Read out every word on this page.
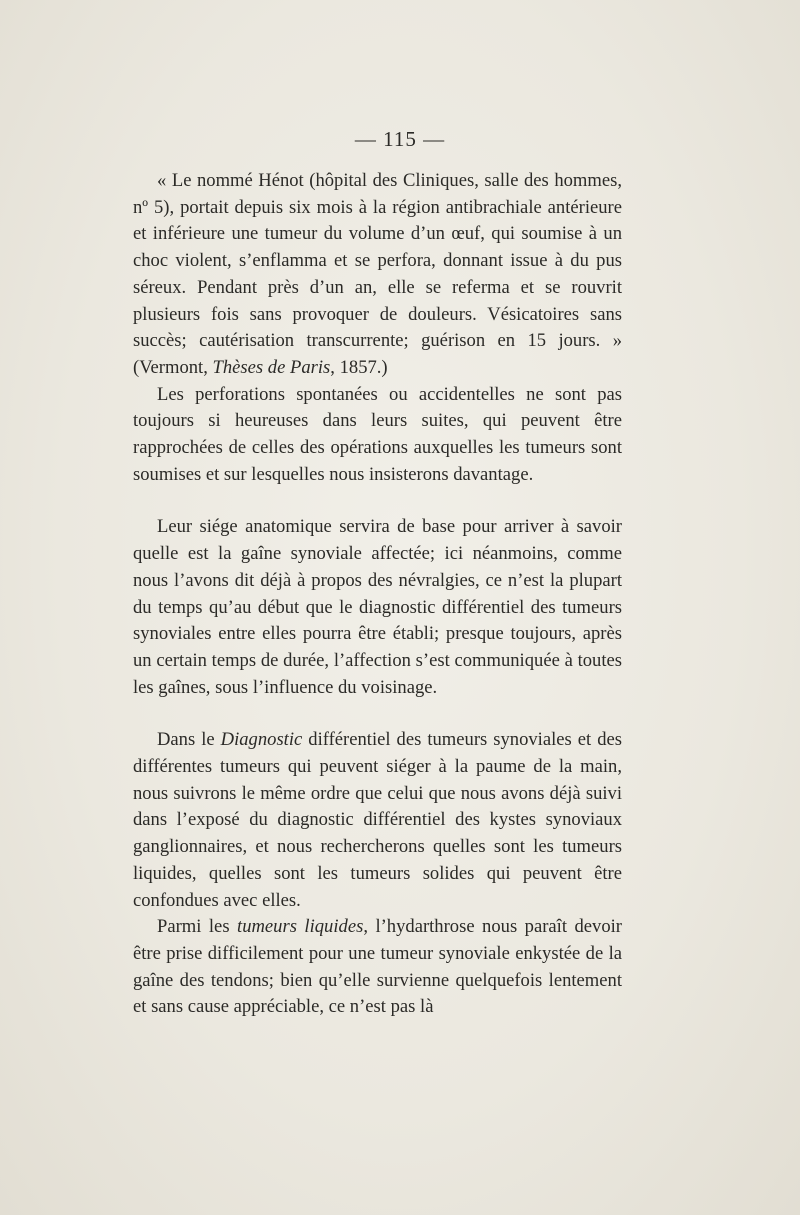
— 115 —

« Le nommé Hénot (hôpital des Cliniques, salle des hommes, nº 5), portait depuis six mois à la région antibrachiale antérieure et inférieure une tumeur du volume d’un œuf, qui soumise à un choc violent, s’enflamma et se perfora, donnant issue à du pus séreux. Pendant près d’un an, elle se referma et se rouvrit plusieurs fois sans provoquer de douleurs. Vésicatoires sans succès; cautérisation transcurrente; guérison en 15 jours. » (Vermont, Thèses de Paris, 1857.)

Les perforations spontanées ou accidentelles ne sont pas toujours si heureuses dans leurs suites, qui peuvent être rapprochées de celles des opérations auxquelles les tumeurs sont soumises et sur lesquelles nous insisterons davantage.

Leur siége anatomique servira de base pour arriver à savoir quelle est la gaîne synoviale affectée; ici néanmoins, comme nous l’avons dit déjà à propos des névralgies, ce n’est la plupart du temps qu’au début que le diagnostic différentiel des tumeurs synoviales entre elles pourra être établi; presque toujours, après un certain temps de durée, l’affection s’est communiquée à toutes les gaînes, sous l’influence du voisinage.

Dans le Diagnostic différentiel des tumeurs synoviales et des différentes tumeurs qui peuvent siéger à la paume de la main, nous suivrons le même ordre que celui que nous avons déjà suivi dans l’exposé du diagnostic différentiel des kystes synoviaux ganglionnaires, et nous rechercherons quelles sont les tumeurs liquides, quelles sont les tumeurs solides qui peuvent être confondues avec elles.

Parmi les tumeurs liquides, l’hydarthrose nous paraît devoir être prise difficilement pour une tumeur synoviale enkystée de la gaîne des tendons; bien qu’elle survienne quelquefois lentement et sans cause appréciable, ce n’est pas là
